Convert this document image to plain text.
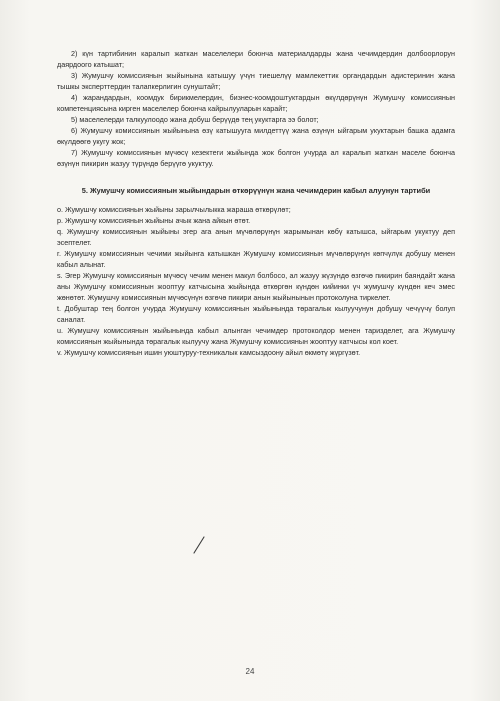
2) күн тартибинин каралып жаткан маселелери боюнча материалдарды жана чечимдердин долбоорлорун даярдоого катышат;

3) Жумушчу комиссиянын жыйынына катышуу үчүн тиешелүү мамлекеттик органдардын адистеринин жана тышкы эксперттердин талапкерлигин сунуштайт;

4) жарандардын, коомдук бирикмелердин, бизнес-коомдоштуктардын өкүлдөрүнүн Жумушчу комиссиянын компетенциясына кирген маселелер боюнча кайрылууларын карайт;

5) маселелерди талкуулоодо жана добуш берүүдө тең укуктарга ээ болот;

6) Жумушчу комиссиянын жыйынына өзү катышууга милдеттүү жана өзүнүн ыйгарым укуктарын башка адамга өкүлдөөгө укугу жок;

7) Жумушчу комиссиянын мүчөсү кезектеги жыйында жок болгон учурда ал каралып жаткан маселе боюнча өзүнүн пикирин жазуу түрүндө берүүгө укуктуу.

5. Жумушчу комиссиянын жыйындарын өткөрүүнүн жана чечимдерин кабыл алуунун тартиби

о. Жумушчу комиссиянын жыйыны зарылчылыкка жараша өткөрүлөт;

р. Жумушчу комиссиянын жыйыны ачык жана айкын өтөт.

q. Жумушчу комиссиянын жыйыны эгер ага анын мүчөлөрүнүн жарымынан көбү катышса, ыйгарым укуктуу деп эсептелет.

r. Жумушчу комиссиянын чечими жыйынга катышкан Жумушчу комиссиянын мүчөлөрүнүн көпчүлүк добушу менен кабыл алынат.

s. Эгер Жумушчу комиссиянын мүчөсү чечим менен макул болбосо, ал жазуу жүзүндө өзгөчө пикирин баяндайт жана аны Жумушчу комиссиянын жооптуу катчысына жыйында өткөргөн күндөн кийинки үч жумушчу күндөн кеч эмес жөнөтөт. Жумушчу комиссиянын мүчөсүнүн өзгөчө пикири анын жыйынынын протоколуна тиркелет.

t. Добуштар тең болгон учурда Жумушчу комиссиянын жыйынында төрагалык кылуучунун добушу чечүүчү болуп саналат.

u. Жумушчу комиссиянын жыйынында кабыл алынган чечимдер протоколдор менен таризделет, ага Жумушчу комиссиянын жыйынында төрагалык кылуучу жана Жумушчу комиссиянын жооптуу катчысы кол коет.

v. Жумушчу комиссиянын ишин уюштуруу-техникалык камсыздоону айыл өкмөтү жүргүзөт.

24
